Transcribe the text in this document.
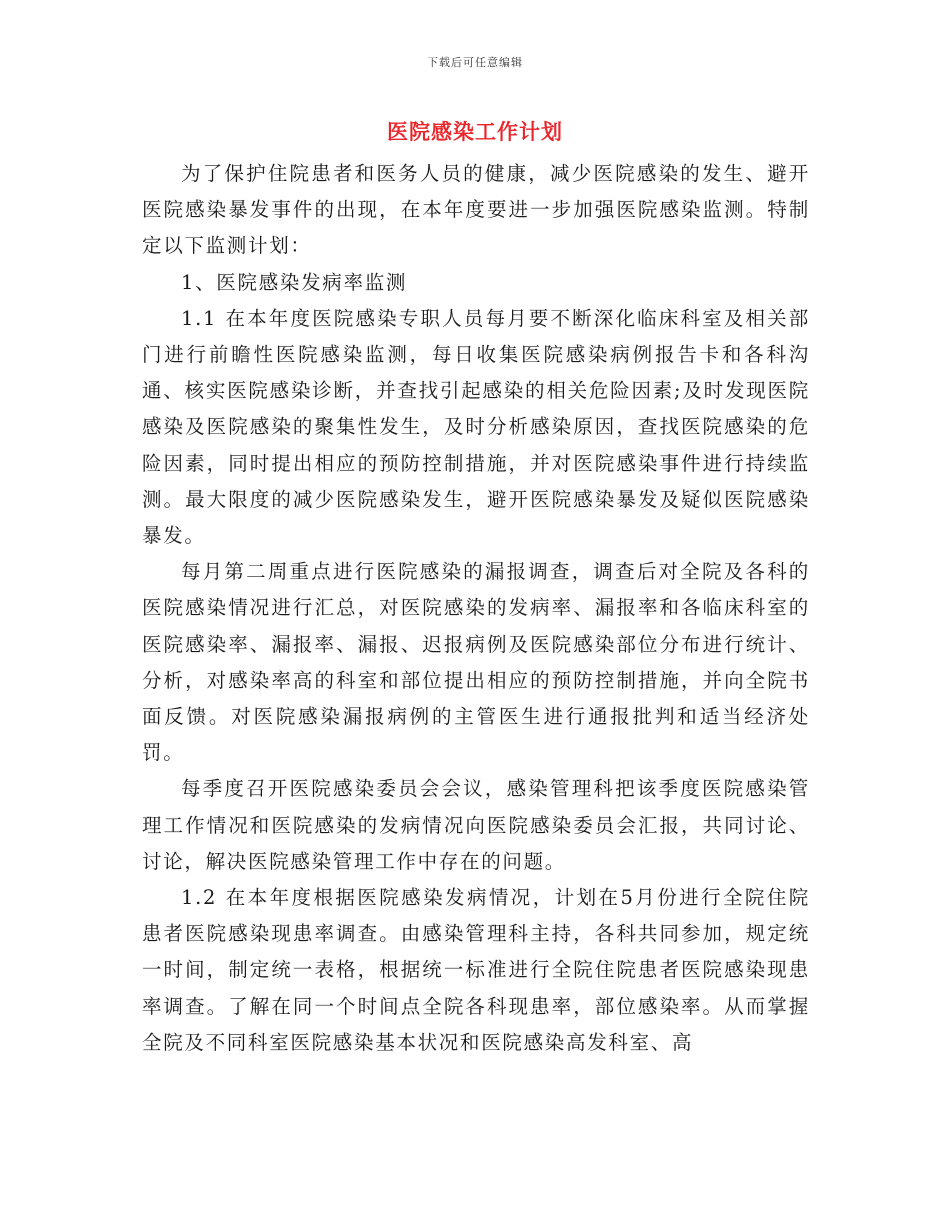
下载后可任意编辑
医院感染工作计划

为了保护住院患者和医务人员的健康，减少医院感染的发生、避开医院感染暴发事件的出现，在本年度要进一步加强医院感染监测。特制定以下监测计划：

1、医院感染发病率监测

1.1 在本年度医院感染专职人员每月要不断深化临床科室及相关部门进行前瞻性医院感染监测，每日收集医院感染病例报告卡和各科沟通、核实医院感染诊断，并查找引起感染的相关危险因素;及时发现医院感染及医院感染的聚集性发生，及时分析感染原因，查找医院感染的危险因素，同时提出相应的预防控制措施，并对医院感染事件进行持续监测。最大限度的减少医院感染发生，避开医院感染暴发及疑似医院感染暴发。

每月第二周重点进行医院感染的漏报调查，调查后对全院及各科的医院感染情况进行汇总，对医院感染的发病率、漏报率和各临床科室的医院感染率、漏报率、漏报、迟报病例及医院感染部位分布进行统计、分析，对感染率高的科室和部位提出相应的预防控制措施，并向全院书面反馈。对医院感染漏报病例的主管医生进行通报批判和适当经济处罚。

每季度召开医院感染委员会会议，感染管理科把该季度医院感染管理工作情况和医院感染的发病情况向医院感染委员会汇报，共同讨论、讨论，解决医院感染管理工作中存在的问题。

1.2 在本年度根据医院感染发病情况，计划在5月份进行全院住院患者医院感染现患率调查。由感染管理科主持，各科共同参加，规定统一时间，制定统一表格，根据统一标准进行全院住院患者医院感染现患率调查。了解在同一个时间点全院各科现患率，部位感染率。从而掌握全院及不同科室医院感染基本状况和医院感染高发科室、高
